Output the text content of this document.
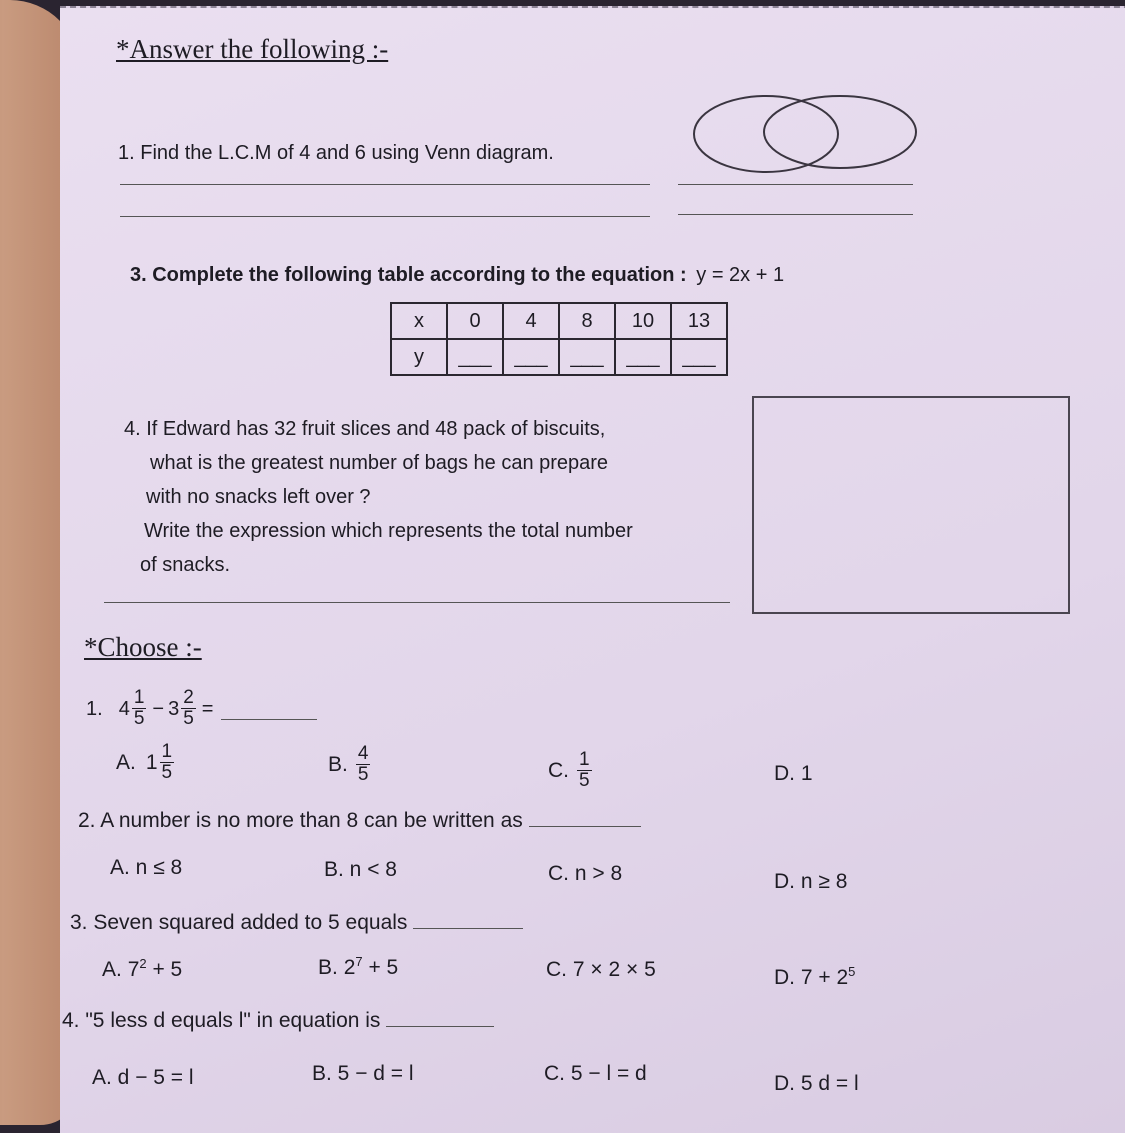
*Answer the following :-
1. Find the L.C.M of 4 and 6 using Venn diagram.
3. Complete the following table according to the equation : y = 2x + 1
x	0	4	8	10	13
y	___	___	___	___	___
4. If Edward has 32 fruit slices and 48 pack of biscuits,
what is the greatest number of bags he can prepare
with no snacks left over ?
Write the expression which represents the total number
of snacks.
*Choose :-
1. $4 \frac{1}{5} - 3 \frac{2}{5}$ =
A. $1 \frac{1}{5}$	B. $\frac{4}{5}$	C. $\frac{1}{5}$	D. 1
2. A number is no more than 8 can be written as
A. n ≤ 8	B. n < 8	C. n > 8	D. n ≥ 8
3. Seven squared added to 5 equals
A. $7^2 + 5$	B. $2^7 + 5$	C. 7 × 2 × 5	D. $7 + 2^5$
4. "5 less d equals l" in equation is
A. d − 5 = l	B. 5 − d = l	C. 5 − l = d	D. 5 d = l
